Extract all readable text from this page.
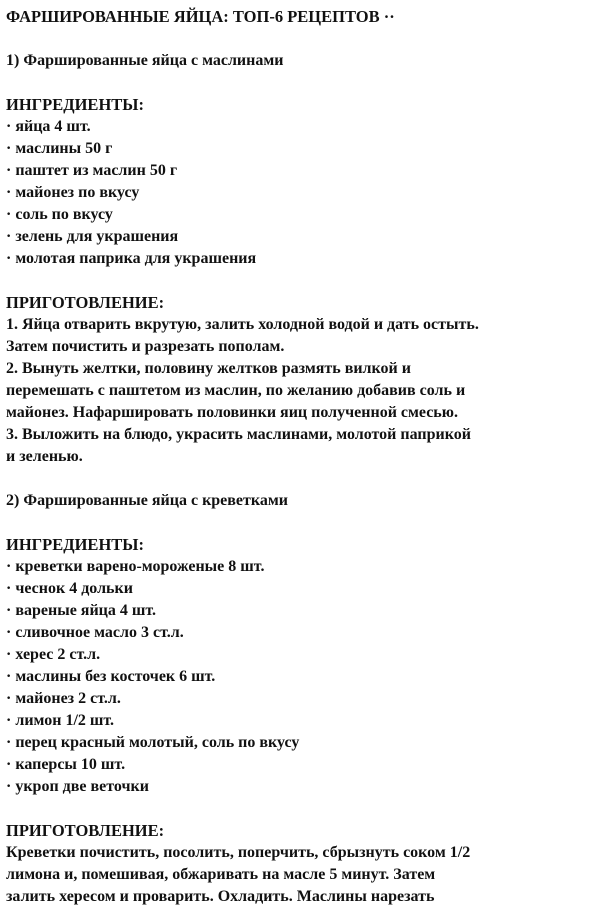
ФАРШИРОВАННЫЕ ЯЙЦА: ТОП-6 РЕЦЕПТОВ ··
1) Фаршированные яйца с маслинами
ИНГРЕДИЕНТЫ:
· яйца 4 шт.
· маслины 50 г
· паштет из маслин 50 г
· майонез по вкусу
· соль по вкусу
· зелень для украшения
· молотая паприка для украшения
ПРИГОТОВЛЕНИЕ:
1. Яйца отварить вкрутую, залить холодной водой и дать остыть.
Затем почистить и разрезать пополам.
2. Вынуть желтки, половину желтков размять вилкой и
перемешать с паштетом из маслин, по желанию добавив соль и
майонез. Нафаршировать половинки яиц полученной смесью.
3. Выложить на блюдо, украсить маслинами, молотой паприкой
и зеленью.
2) Фаршированные яйца с креветками
ИНГРЕДИЕНТЫ:
· креветки варено-мороженые 8 шт.
· чеснок 4 дольки
· вареные яйца 4 шт.
· сливочное масло 3 ст.л.
· херес 2 ст.л.
· маслины без косточек 6 шт.
· майонез 2 ст.л.
· лимон 1/2 шт.
· перец красный молотый, соль по вкусу
· каперсы 10 шт.
· укроп две веточки
ПРИГОТОВЛЕНИЕ:
Креветки почистить, посолить, поперчить, сбрызнуть соком 1/2
лимона и, помешивая, обжаривать на масле 5 минут. Затем
залить хересом и проварить. Охладить. Маслины нарезать
